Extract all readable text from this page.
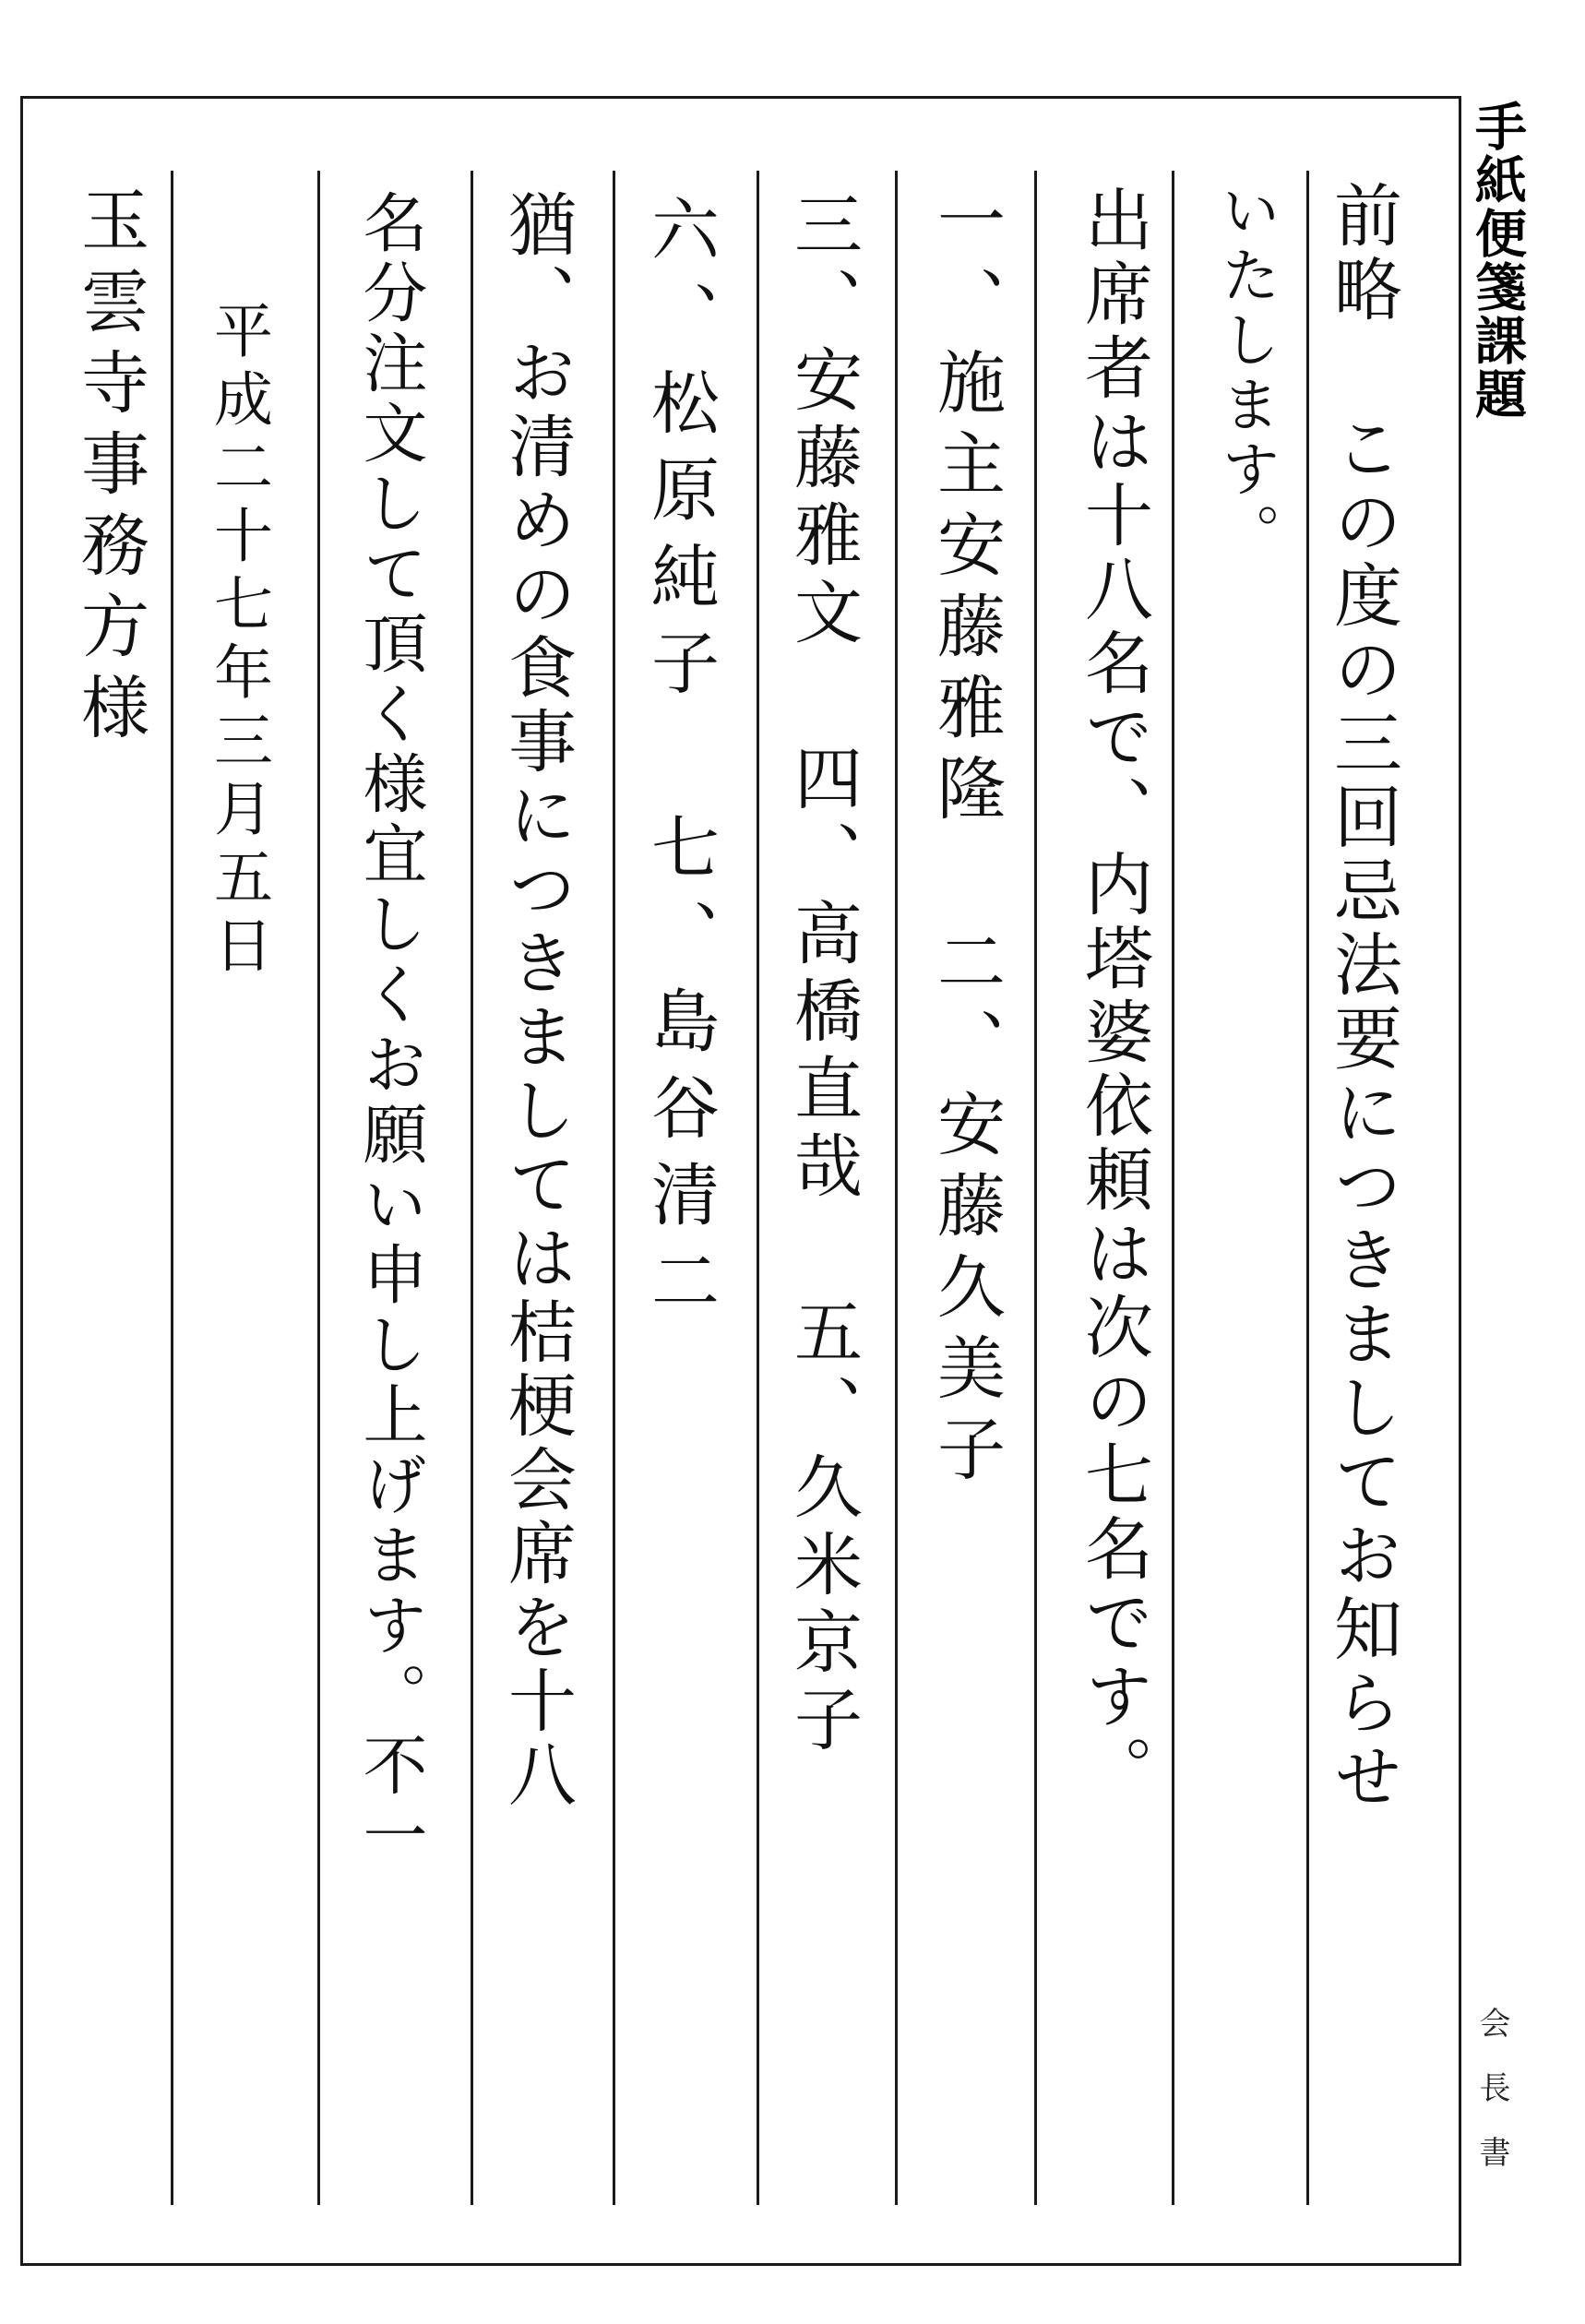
前略 この度の三回忌法要につきましてお知らせ
いたします。
出席者は十八名で、内塔婆依頼は次の七名です。
一、施主安藤雅隆 二、安藤久美子
三、安藤雅文 四、高橋直哉 五、久米京子
六、松原純子 七、島谷清二
猶、お清めの食事につきましては桔梗会席を十八
名分注文して頂く様宜しくお願い申し上げます。不一
平成二十七年三月五日
玉雲寺事務方様	手紙便箋課題
会長書
